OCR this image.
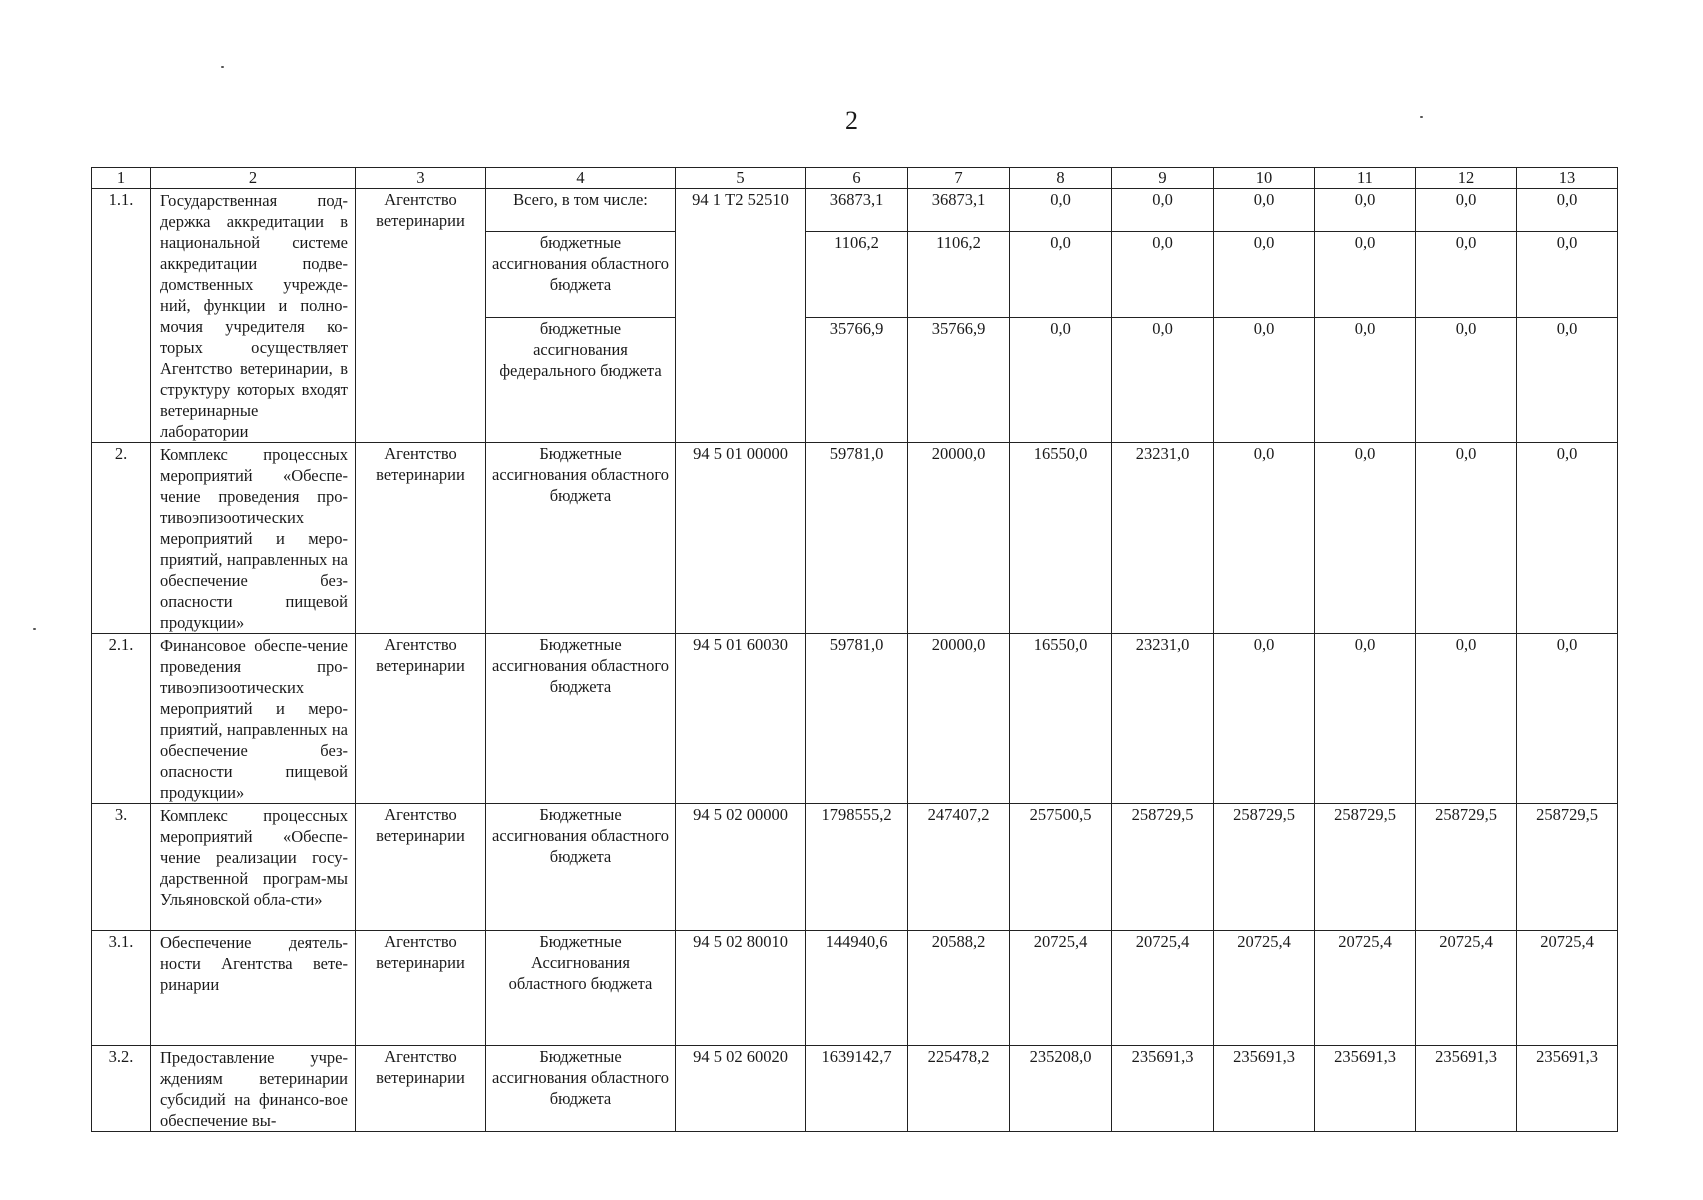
2
1	2	3	4	5	6	7	8	9	10	11	12	13
1.1.	Государственная под-держка аккредитации в национальной системе аккредитации подве-домственных учрежде-ний, функции и полно-мочия учредителя ко-торых осуществляет Агентство ветеринарии, в структуру которых входят ветеринарные лаборатории	Агентство ветеринарии	Всего, в том числе:	94 1 Т2 52510	36873,1	36873,1	0,0	0,0	0,0	0,0	0,0	0,0
			бюджетные ассигнования областного бюджета		1106,2	1106,2	0,0	0,0	0,0	0,0	0,0	0,0
			бюджетные ассигнования федерального бюджета		35766,9	35766,9	0,0	0,0	0,0	0,0	0,0	0,0
2.	Комплекс процессных мероприятий «Обеспе-чение проведения про-тивоэпизоотических мероприятий и меро-приятий, направленных на обеспечение без-опасности пищевой продукции»	Агентство ветеринарии	Бюджетные ассигнования областного бюджета	94 5 01 00000	59781,0	20000,0	16550,0	23231,0	0,0	0,0	0,0	0,0
2.1.	Финансовое обеспе-чение проведения про-тивоэпизоотических мероприятий и меро-приятий, направленных на обеспечение без-опасности пищевой продукции»	Агентство ветеринарии	Бюджетные ассигнования областного бюджета	94 5 01 60030	59781,0	20000,0	16550,0	23231,0	0,0	0,0	0,0	0,0
3.	Комплекс процессных мероприятий «Обеспе-чение реализации госу-дарственной програм-мы Ульяновской обла-сти»	Агентство ветеринарии	Бюджетные ассигнования областного бюджета	94 5 02 00000	1798555,2	247407,2	257500,5	258729,5	258729,5	258729,5	258729,5	258729,5
3.1.	Обеспечение деятель-ности Агентства вете-ринарии	Агентство ветеринарии	Бюджетные Ассигнования областного бюджета	94 5 02 80010	144940,6	20588,2	20725,4	20725,4	20725,4	20725,4	20725,4	20725,4
3.2.	Предоставление учре-ждениям ветеринарии субсидий на финансо-вое обеспечение вы-	Агентство ветеринарии	Бюджетные ассигнования областного бюджета	94 5 02 60020	1639142,7	225478,2	235208,0	235691,3	235691,3	235691,3	235691,3	235691,3
